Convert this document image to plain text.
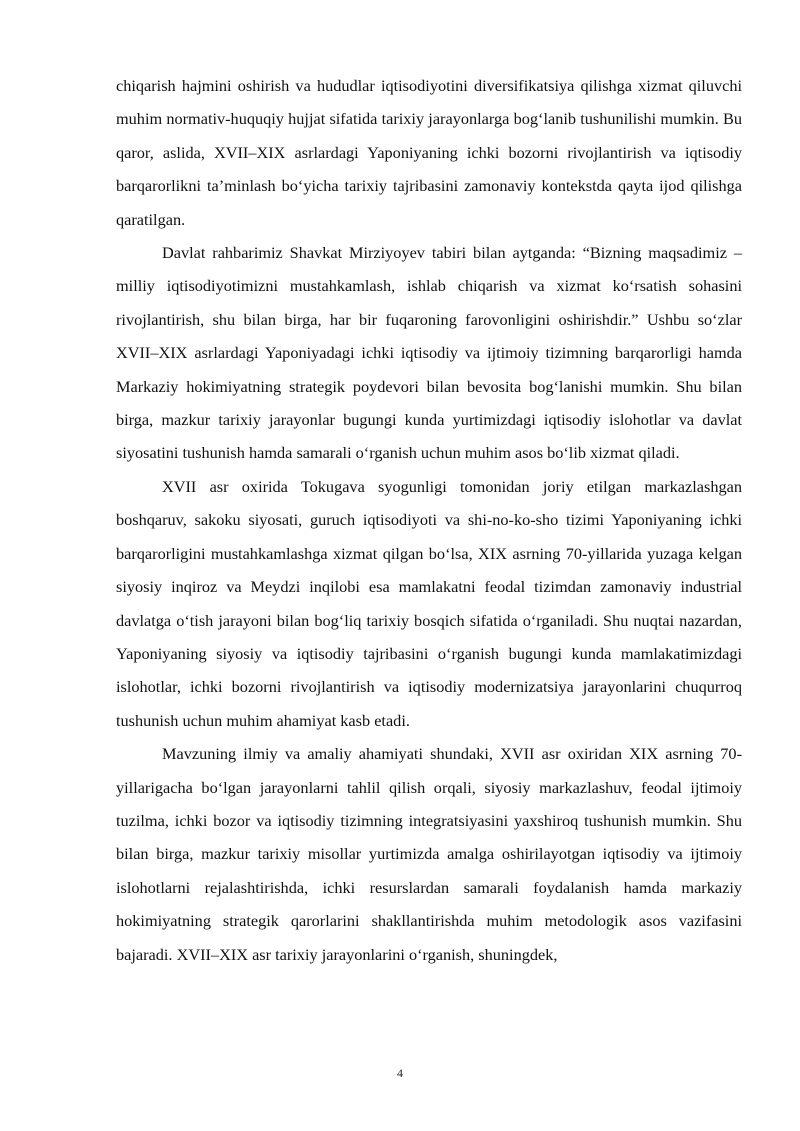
chiqarish hajmini oshirish va hududlar iqtisodiyotini diversifikatsiya qilishga xizmat qiluvchi muhim normativ-huquqiy hujjat sifatida tarixiy jarayonlarga bog‘lanib tushunilishi mumkin. Bu qaror, aslida, XVII–XIX asrlardagi Yaponiyaning ichki bozorni rivojlantirish va iqtisodiy barqarorlikni ta’minlash bo‘yicha tarixiy tajribasini zamonaviy kontekstda qayta ijod qilishga qaratilgan.

Davlat rahbarimiz Shavkat Mirziyoyev tabiri bilan aytganda: “Bizning maqsadimiz – milliy iqtisodiyotimizni mustahkamlash, ishlab chiqarish va xizmat ko‘rsatish sohasini rivojlantirish, shu bilan birga, har bir fuqaroning farovonligini oshirishdir.” Ushbu so‘zlar XVII–XIX asrlardagi Yaponiyadagi ichki iqtisodiy va ijtimoiy tizimning barqarorligi hamda Markaziy hokimiyatning strategik poydevori bilan bevosita bog‘lanishi mumkin. Shu bilan birga, mazkur tarixiy jarayonlar bugungi kunda yurtimizdagi iqtisodiy islohotlar va davlat siyosatini tushunish hamda samarali o‘rganish uchun muhim asos bo‘lib xizmat qiladi.

XVII asr oxirida Tokugava syogunligi tomonidan joriy etilgan markazlashgan boshqaruv, sakoku siyosati, guruch iqtisodiyoti va shi-no-ko-sho tizimi Yaponiyaning ichki barqarorligini mustahkamlashga xizmat qilgan bo‘lsa, XIX asrning 70-yillarida yuzaga kelgan siyosiy inqiroz va Meydzi inqilobi esa mamlakatni feodal tizimdan zamonaviy industrial davlatga o‘tish jarayoni bilan bog‘liq tarixiy bosqich sifatida o‘rganiladi. Shu nuqtai nazardan, Yaponiyaning siyosiy va iqtisodiy tajribasini o‘rganish bugungi kunda mamlakatimizdagi islohotlar, ichki bozorni rivojlantirish va iqtisodiy modernizatsiya jarayonlarini chuqurroq tushunish uchun muhim ahamiyat kasb etadi.

Mavzuning ilmiy va amaliy ahamiyati shundaki, XVII asr oxiridan XIX asrning 70-yillarigacha bo‘lgan jarayonlarni tahlil qilish orqali, siyosiy markazlashuv, feodal ijtimoiy tuzilma, ichki bozor va iqtisodiy tizimning integratsiyasini yaxshiroq tushunish mumkin. Shu bilan birga, mazkur tarixiy misollar yurtimizda amalga oshirilayotgan iqtisodiy va ijtimoiy islohotlarni rejalashtirishda, ichki resurslardan samarali foydalanish hamda markaziy hokimiyatning strategik qarorlarini shakllantirishda muhim metodologik asos vazifasini bajaradi. XVII–XIX asr tarixiy jarayonlarini o‘rganish, shuningdek,

4
